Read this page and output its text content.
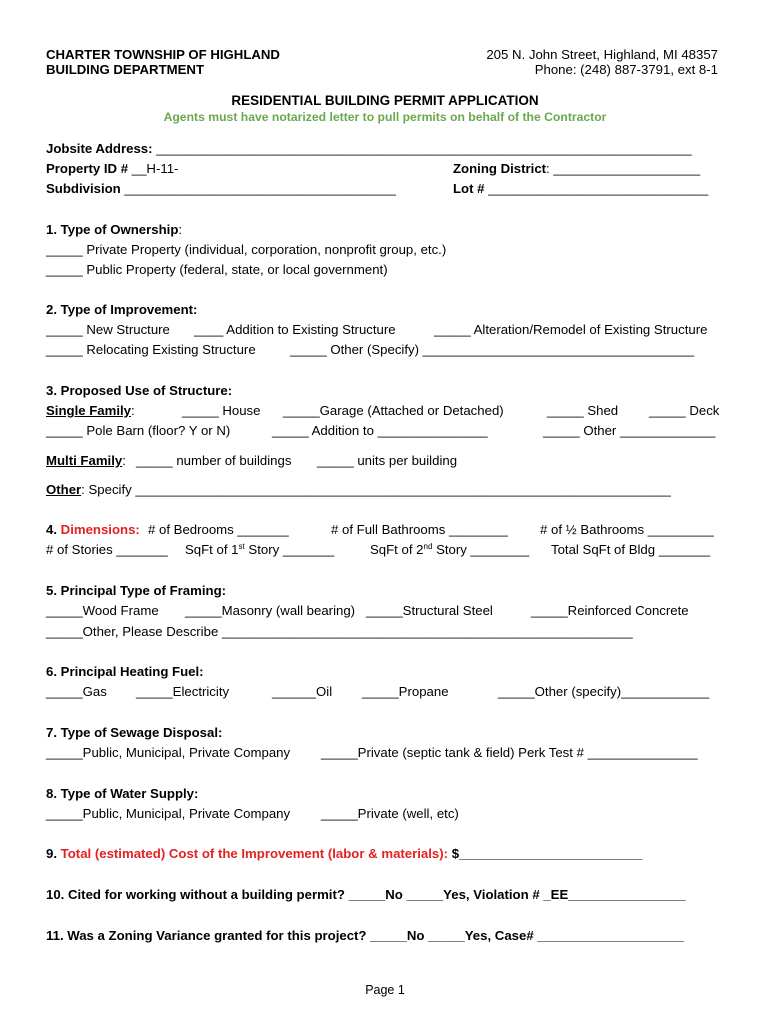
CHARTER TOWNSHIP OF HIGHLAND
BUILDING DEPARTMENT
205 N. John Street, Highland, MI 48357
Phone: (248) 887-3791, ext 8-1
RESIDENTIAL BUILDING PERMIT APPLICATION
Agents must have notarized letter to pull permits on behalf of the Contractor
Jobsite Address: _________________________________________________________________________
Property ID # __H-11-	Zoning District: ____________________
Subdivision _____________________________________	Lot # ______________________________
1. Type of Ownership:
_____ Private Property (individual, corporation, nonprofit group, etc.)
_____ Public Property (federal, state, or local government)
2. Type of Improvement:
_____ New Structure ____ Addition to Existing Structure	_____ Alteration/Remodel of Existing Structure
_____ Relocating Existing Structure	_____ Other (Specify) _____________________________________
3. Proposed Use of Structure:
Single Family:	_____ House _____Garage (Attached or Detached)	_____ Shed _____ Deck
_____ Pole Barn (floor? Y or N)	_____ Addition to _______________	_____ Other _____________
Multi Family: _____ number of buildings _____ units per building
Other: Specify _________________________________________________________________________
4. Dimensions: # of Bedrooms _______	# of Full Bathrooms ________ # of ½ Bathrooms _________
# of Stories _______ SqFt of 1st Story _______	SqFt of 2nd Story ________ Total SqFt of Bldg _______
5. Principal Type of Framing:
_____Wood Frame _____Masonry (wall bearing) _____Structural Steel	_____Reinforced Concrete
_____Other, Please Describe ________________________________________________________
6. Principal Heating Fuel:
_____Gas _____Electricity	______Oil _____Propane	_____Other (specify)____________
7. Type of Sewage Disposal:
_____Public, Municipal, Private Company _____Private (septic tank & field) Perk Test # _______________
8. Type of Water Supply:
_____Public, Municipal, Private Company _____Private (well, etc)
9. Total (estimated) Cost of the Improvement (labor & materials): $_________________________
10. Cited for working without a building permit? _____No _____Yes, Violation # _EE________________
11. Was a Zoning Variance granted for this project? _____No _____Yes, Case# ____________________
Page 1
